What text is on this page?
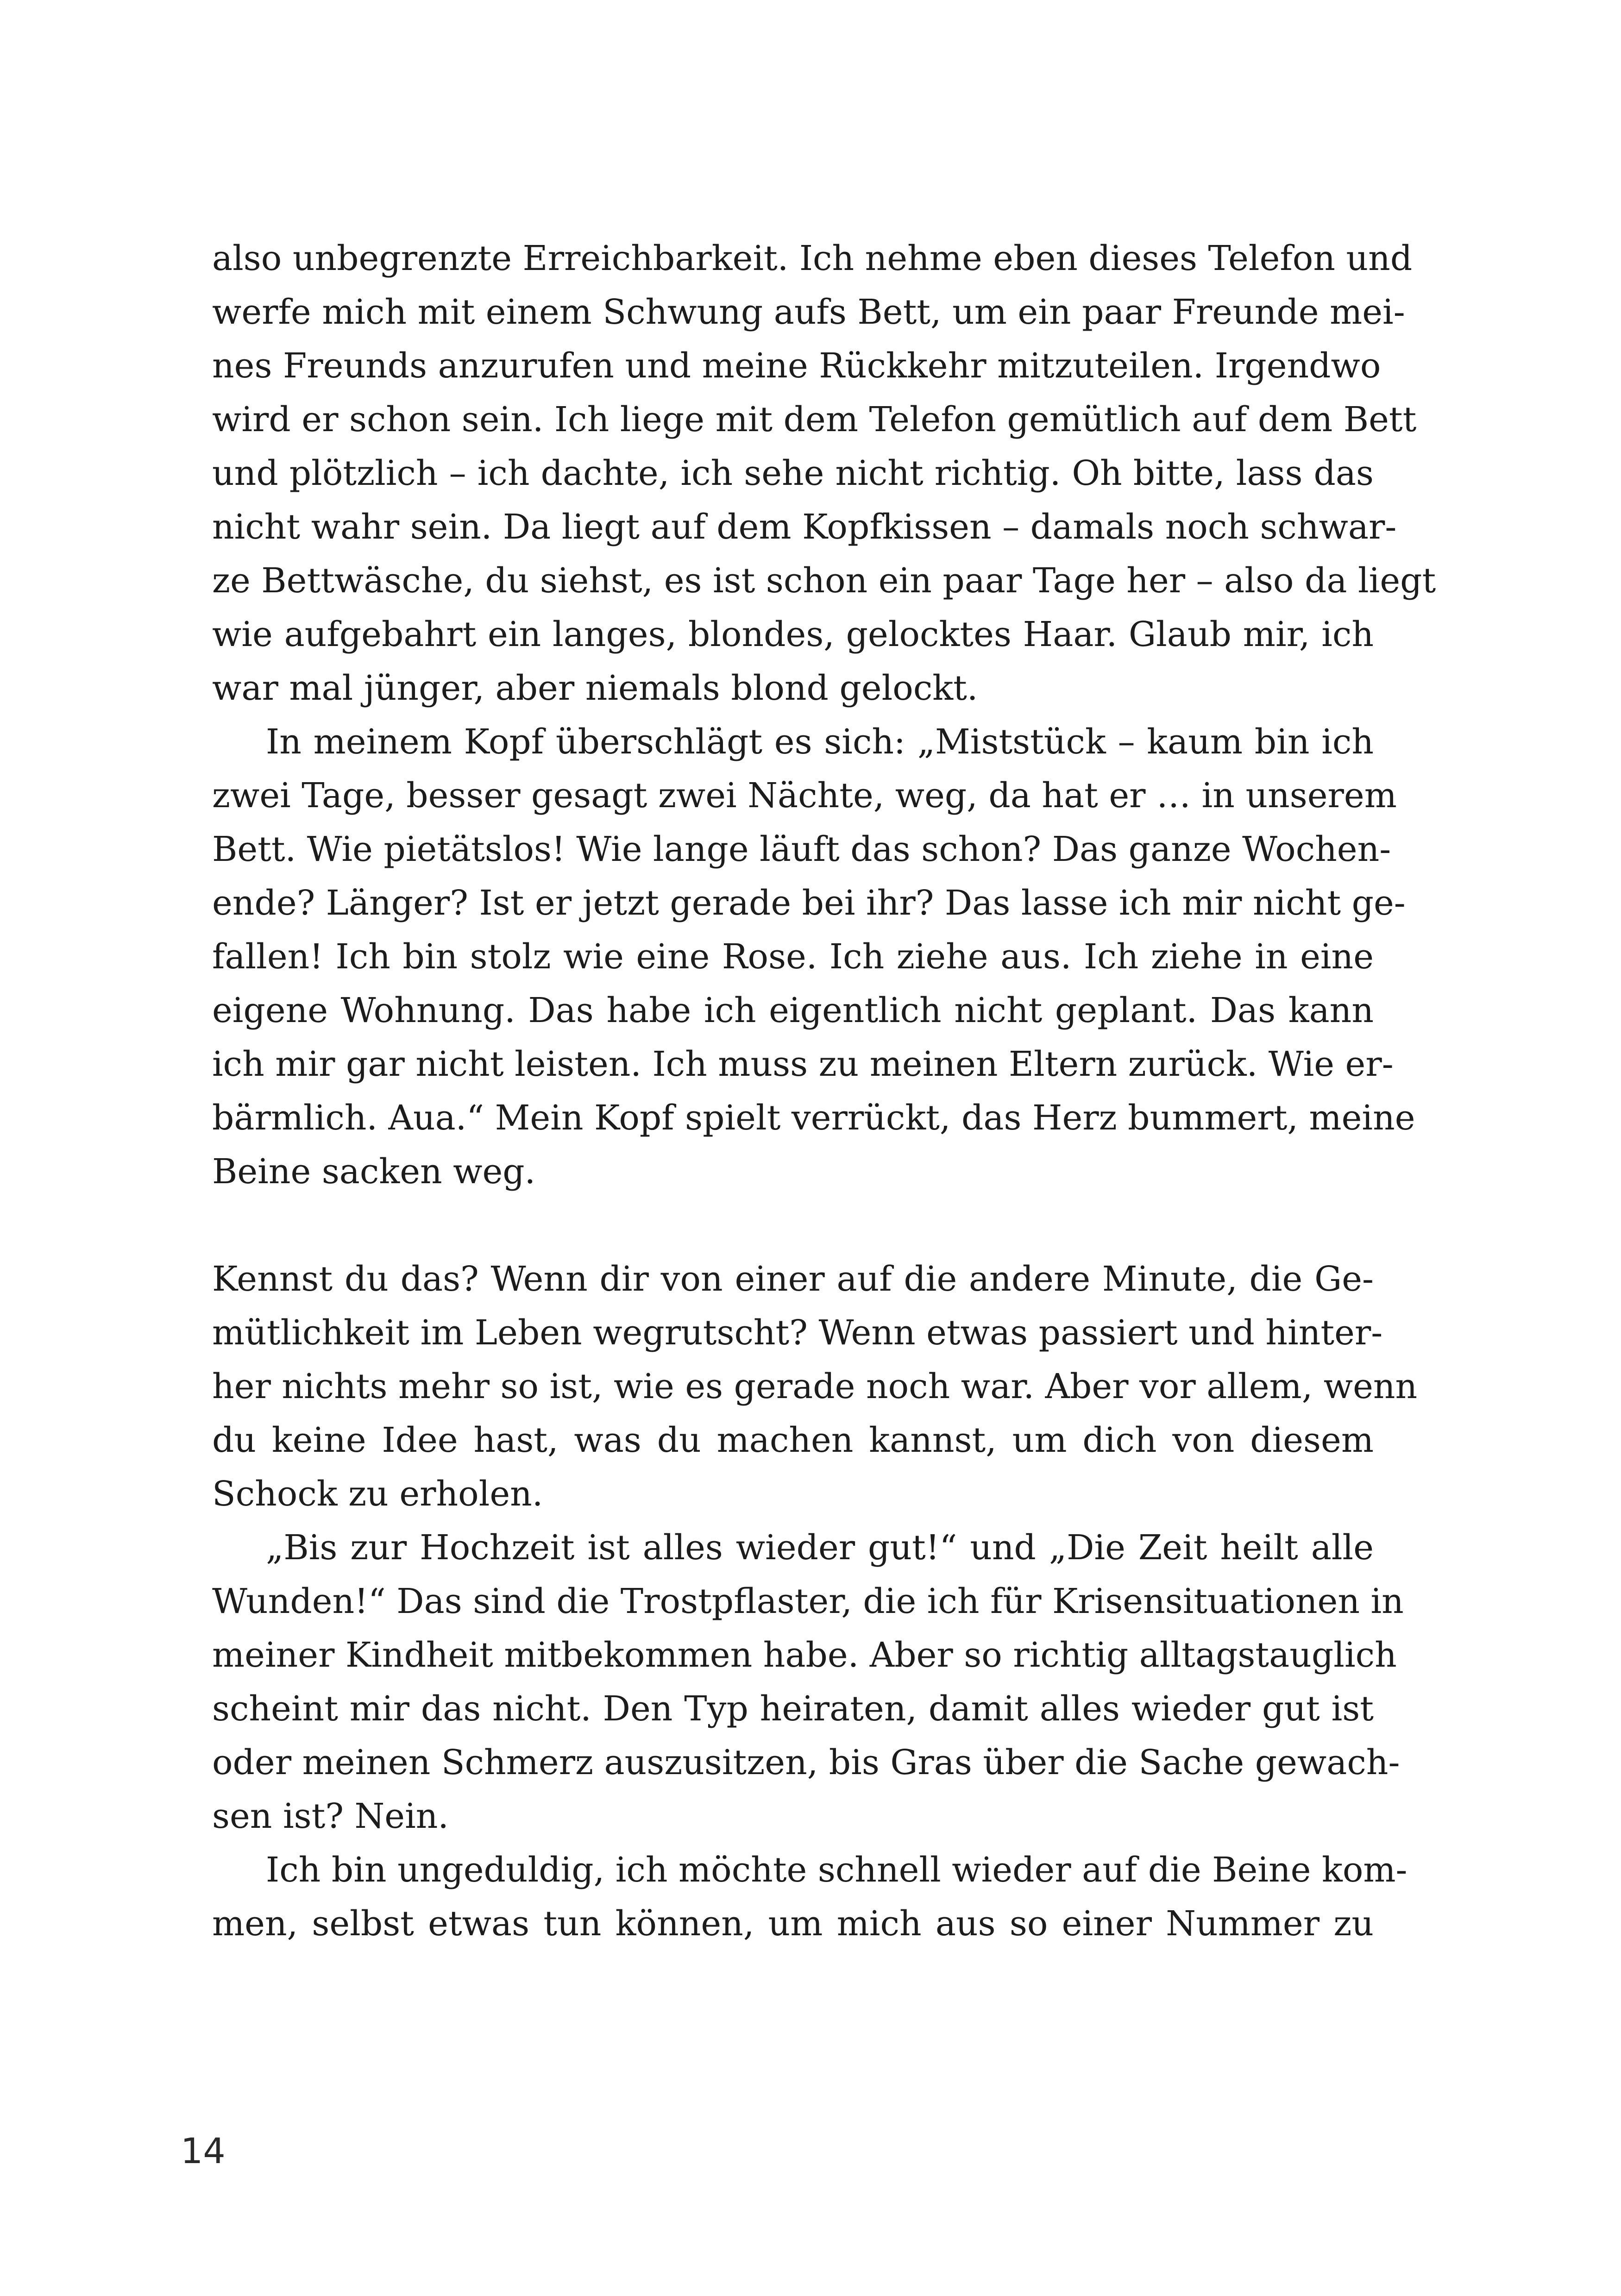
also unbegrenzte Erreichbarkeit. Ich nehme eben dieses Telefon und
werfe mich mit einem Schwung aufs Bett, um ein paar Freunde mei-
nes Freunds anzurufen und meine Rückkehr mitzuteilen. Irgendwo
wird er schon sein. Ich liege mit dem Telefon gemütlich auf dem Bett
und plötzlich – ich dachte, ich sehe nicht richtig. Oh bitte, lass das
nicht wahr sein. Da liegt auf dem Kopfkissen – damals noch schwar-
ze Bettwäsche, du siehst, es ist schon ein paar Tage her – also da liegt
wie aufgebahrt ein langes, blondes, gelocktes Haar. Glaub mir, ich
war mal jünger, aber niemals blond gelockt.
In meinem Kopf überschlägt es sich: „Miststück – kaum bin ich
zwei Tage, besser gesagt zwei Nächte, weg, da hat er … in unserem
Bett. Wie pietätslos! Wie lange läuft das schon? Das ganze Wochen-
ende? Länger? Ist er jetzt gerade bei ihr? Das lasse ich mir nicht ge-
fallen! Ich bin stolz wie eine Rose. Ich ziehe aus. Ich ziehe in eine
eigene Wohnung. Das habe ich eigentlich nicht geplant. Das kann
ich mir gar nicht leisten. Ich muss zu meinen Eltern zurück. Wie er-
bärmlich. Aua.“ Mein Kopf spielt verrückt, das Herz bummert, meine
Beine sacken weg.
Kennst du das? Wenn dir von einer auf die andere Minute, die Ge-
mütlichkeit im Leben wegrutscht? Wenn etwas passiert und hinter-
her nichts mehr so ist, wie es gerade noch war. Aber vor allem, wenn
du keine Idee hast, was du machen kannst, um dich von diesem
Schock zu erholen.
„Bis zur Hochzeit ist alles wieder gut!“ und „Die Zeit heilt alle
Wunden!“ Das sind die Trostpflaster, die ich für Krisensituationen in
meiner Kindheit mitbekommen habe. Aber so richtig alltagstauglich
scheint mir das nicht. Den Typ heiraten, damit alles wieder gut ist
oder meinen Schmerz auszusitzen, bis Gras über die Sache gewach-
sen ist? Nein.
Ich bin ungeduldig, ich möchte schnell wieder auf die Beine kom-
men, selbst etwas tun können, um mich aus so einer Nummer zu
14
